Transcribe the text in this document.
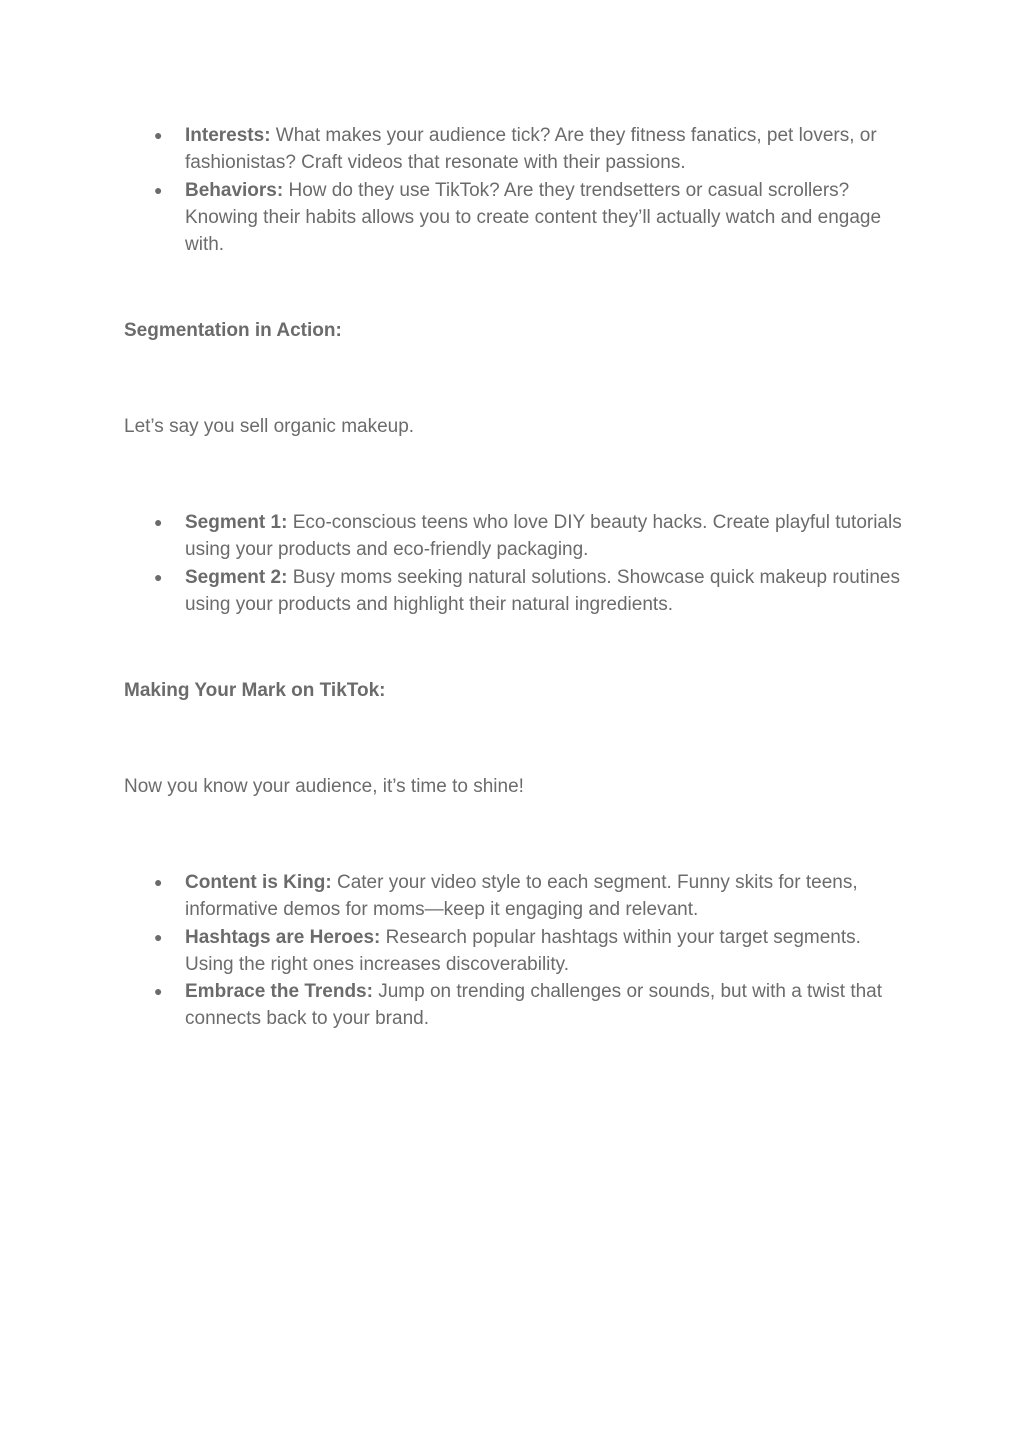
● Interests: What makes your audience tick? Are they fitness fanatics, pet lovers, or fashionistas? Craft videos that resonate with their passions.
● Behaviors: How do they use TikTok? Are they trendsetters or casual scrollers? Knowing their habits allows you to create content they’ll actually watch and engage with.
Segmentation in Action:
Let’s say you sell organic makeup.
● Segment 1: Eco-conscious teens who love DIY beauty hacks. Create playful tutorials using your products and eco-friendly packaging.
● Segment 2: Busy moms seeking natural solutions. Showcase quick makeup routines using your products and highlight their natural ingredients.
Making Your Mark on TikTok:
Now you know your audience, it’s time to shine!
● Content is King: Cater your video style to each segment. Funny skits for teens, informative demos for moms—keep it engaging and relevant.
● Hashtags are Heroes: Research popular hashtags within your target segments. Using the right ones increases discoverability.
● Embrace the Trends: Jump on trending challenges or sounds, but with a twist that connects back to your brand.
